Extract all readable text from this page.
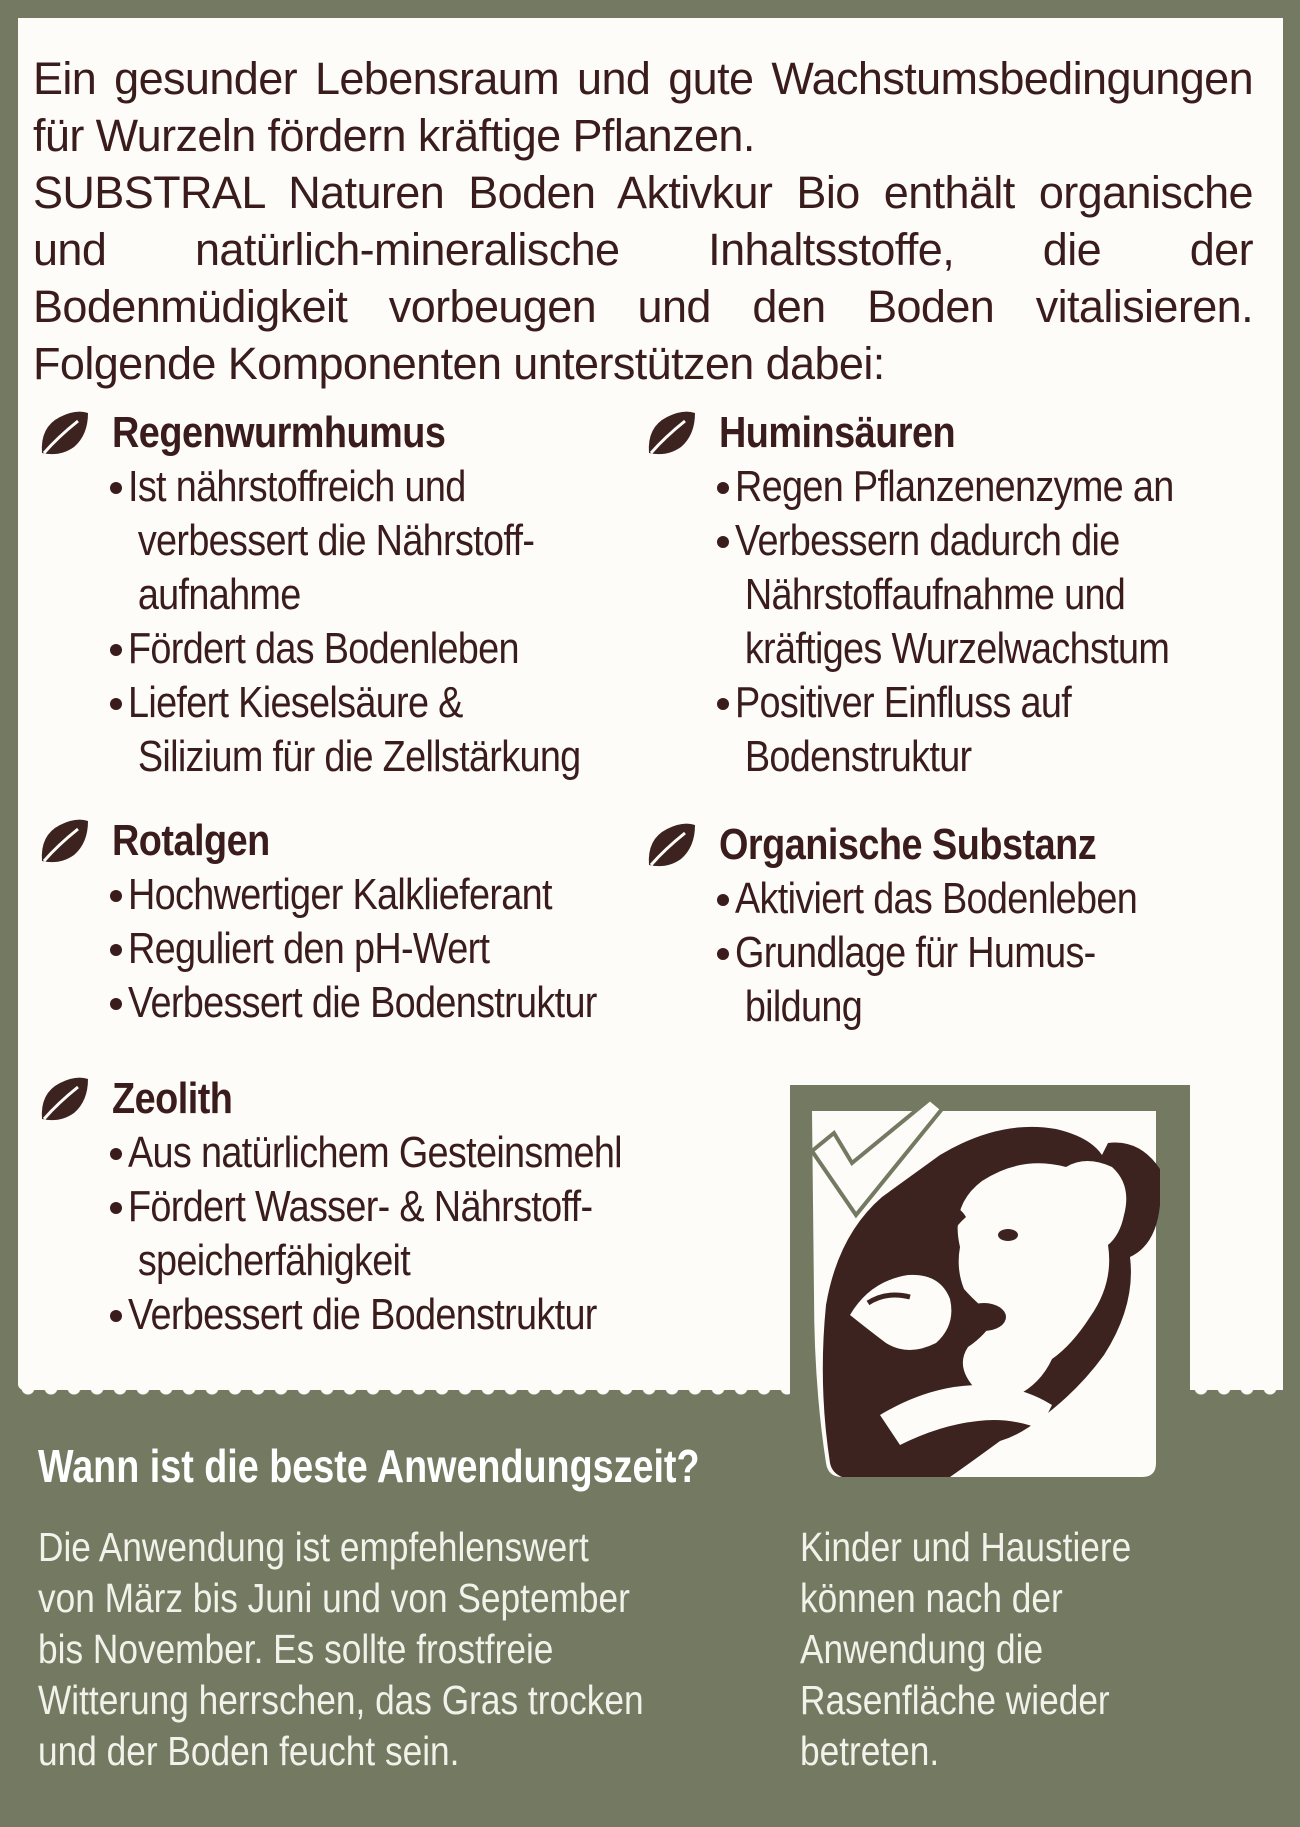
Ein gesunder Lebensraum und gute Wachstumsbedingungen für Wurzeln fördern kräftige Pflanzen.

SUBSTRAL Naturen Boden Aktivkur Bio enthält organische und natürlich-mineralische Inhaltsstoffe, die der Bodenmüdigkeit vorbeugen und den Boden vitalisieren. Folgende Komponenten unterstützen dabei:

Regenwurmhumus
Ist nährstoffreich und
verbessert die Nährstoff-
aufnahme
Fördert das Bodenleben
Liefert Kieselsäure &
Silizium für die Zellstärkung
Huminsäuren
Regen Pflanzenenzyme an
Verbessern dadurch die
Nährstoffaufnahme und
kräftiges Wurzelwachstum
Positiver Einfluss auf
Bodenstruktur
Rotalgen
Hochwertiger Kalklieferant
Reguliert den pH-Wert
Verbessert die Bodenstruktur
Organische Substanz
Aktiviert das Bodenleben
Grundlage für Humus-
bildung
Zeolith
Aus natürlichem Gesteinsmehl
Fördert Wasser- & Nährstoff-
speicherfähigkeit
Verbessert die Bodenstruktur
Wann ist die beste Anwendungszeit?
Die Anwendung ist empfehlenswert
von März bis Juni und von September
bis November. Es sollte frostfreie
Witterung herrschen, das Gras trocken
und der Boden feucht sein.
Kinder und Haustiere
können nach der
Anwendung die
Rasenfläche wieder
betreten.
